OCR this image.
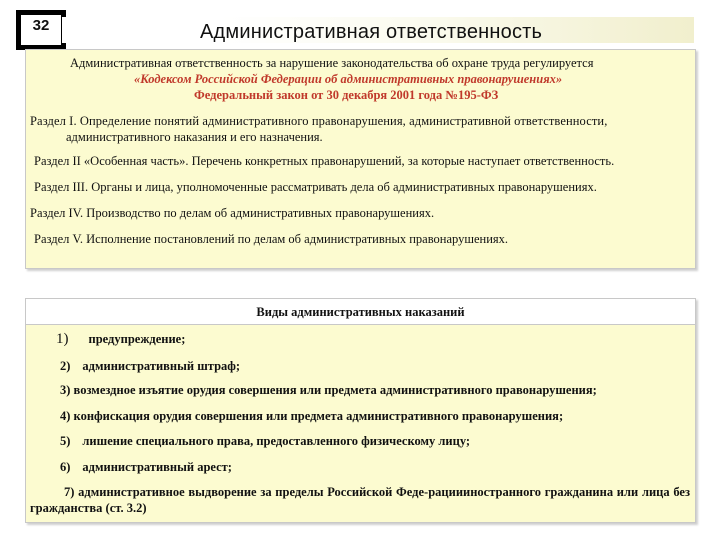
32	Административная ответственность
Административная ответственность за нарушение законодательства об охране труда регулируется
«Кодексом Российской Федерации об административных правонарушениях»
Федеральный закон от 30 декабря 2001 года №195-ФЗ
Раздел I. Определение понятий административного правонарушения, административной ответственности,
административного наказания и его назначения.
Раздел II «Особенная часть». Перечень конкретных правонарушений, за которые наступает ответственность.
Раздел III. Органы и лица, уполномоченные рассматривать дела об административных правонарушениях.
Раздел IV. Производство по делам об административных правонарушениях.
Раздел V. Исполнение постановлений по делам об административных правонарушениях.
Виды административных наказаний
1) предупреждение;
2) административный штраф;
3) возмездное изъятие орудия совершения или предмета административного правонарушения;
4) конфискация орудия совершения или предмета административного правонарушения;
5) лишение специального права, предоставленного физическому лицу;
6) административный арест;
7) административное выдворение за пределы Российской Феде-рациииностранного гражданина или лица без гражданства (ст. 3.2)
